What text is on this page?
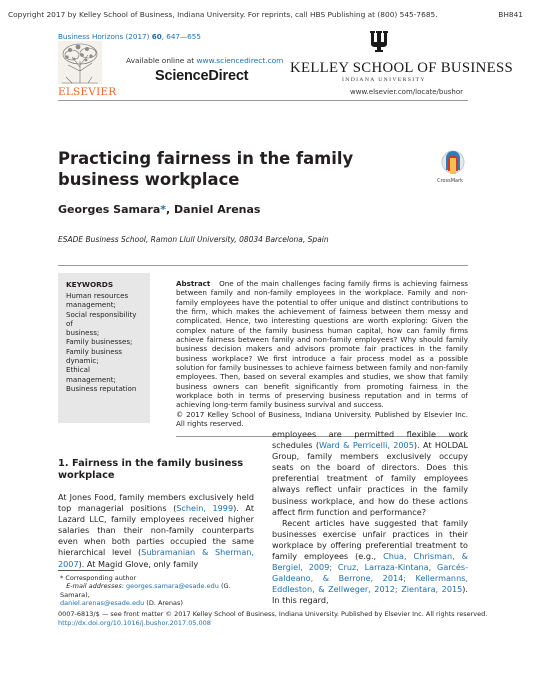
Copyright 2017 by Kelley School of Business, Indiana University. For reprints, call HBS Publishing at (800) 545-7685.	BH841
Business Horizons (2017) 60, 647—655
ELSEVIER
Available online at www.sciencedirect.com
ScienceDirect	KELLEY SCHOOL OF BUSINESS
INDIANA UNIVERSITY
www.elsevier.com/locate/bushor
Practicing fairness in the family business workplace	CrossMark
Georges Samara*, Daniel Arenas
ESADE Business School, Ramon Llull University, 08034 Barcelona, Spain
KEYWORDS
Human resources
management;
Social responsibility of
business;
Family businesses;
Family business
dynamic;
Ethical management;
Business reputation
Abstract One of the main challenges facing family firms is achieving fairness between family and non-family employees in the workplace. Family and non-family employees have the potential to offer unique and distinct contributions to the firm, which makes the achievement of fairness between them messy and complicated. Hence, two interesting questions are worth exploring: Given the complex nature of the family business human capital, how can family firms achieve fairness between family and non-family employees? Why should family business decision makers and advisors promote fair practices in the family business workplace? We first introduce a fair process model as a possible solution for family businesses to achieve fairness between family and non-family employees. Then, based on several examples and studies, we show that family business owners can benefit significantly from promoting fairness in the workplace both in terms of preserving business reputation and in terms of achieving long-term family business survival and success.
© 2017 Kelley School of Business, Indiana University. Published by Elsevier Inc. All rights reserved.
1. Fairness in the family business workplace
At Jones Food, family members exclusively held top managerial positions (Schein, 1999). At Lazard LLC, family employees received higher salaries than their non-family counterparts even when both parties occupied the same hierarchical level (Subramanian & Sherman, 2007). At Magid Glove, only family
employees are permitted flexible work schedules (Ward & Perricelli, 2005). At HOLDAL Group, family members exclusively occupy seats on the board of directors. Does this preferential treatment of family employees always reflect unfair practices in the family business workplace, and how do these actions affect firm function and performance?
Recent articles have suggested that family businesses exercise unfair practices in their workplace by offering preferential treatment to family employees (e.g., Chua, Chrisman, & Bergiel, 2009; Cruz, Larraza-Kintana, Garcés-Galdeano, & Berrone, 2014; Kellermanns, Eddleston, & Zellweger, 2012; Zientara, 2015). In this regard,
* Corresponding author
E-mail addresses: georges.samara@esade.edu (G. Samara),
daniel.arenas@esade.edu (D. Arenas)
0007-6813/$ — see front matter © 2017 Kelley School of Business, Indiana University. Published by Elsevier Inc. All rights reserved.
http://dx.doi.org/10.1016/j.bushor.2017.05.008
